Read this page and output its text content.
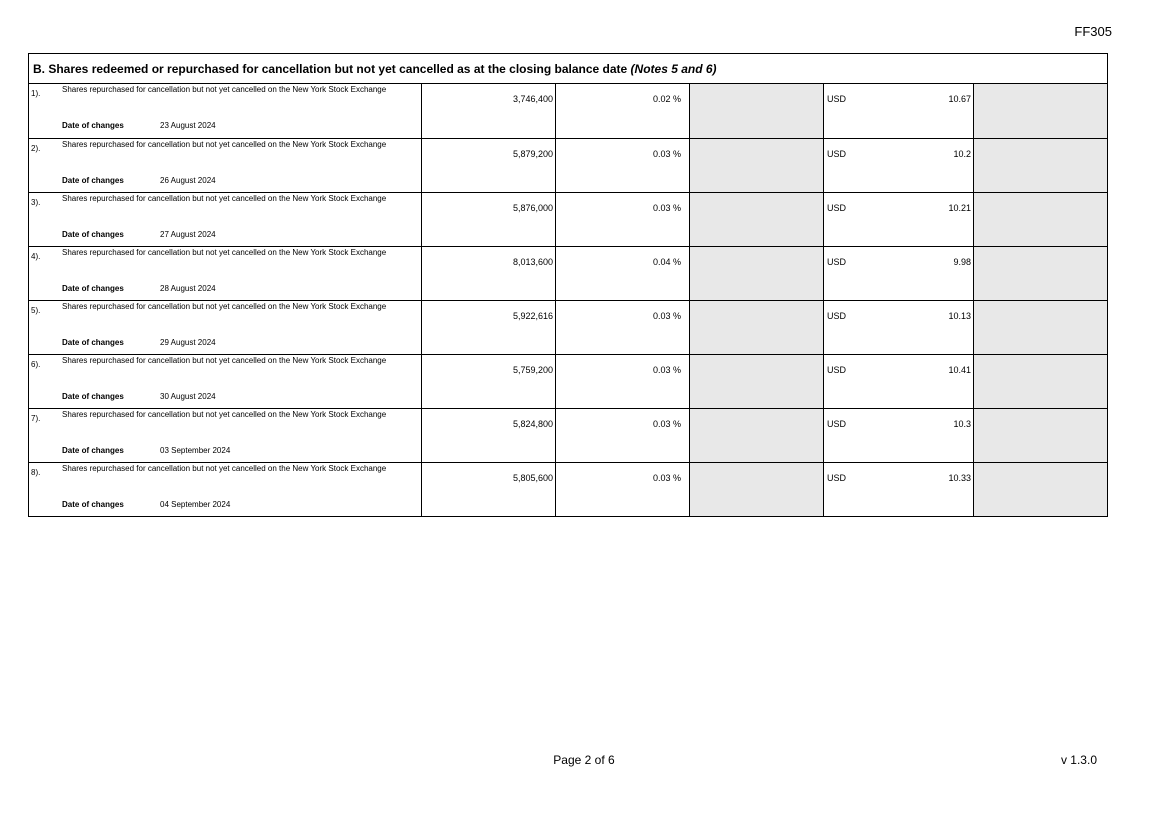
FF305
B. Shares redeemed or repurchased for cancellation but not yet cancelled as at the closing balance date (Notes 5 and 6)
1).	Shares repurchased for cancellation but not yet cancelled on the New York Stock Exchange
Date of changes	23 August 2024
3,746,400	0.02 %	USD	10.67
2).	Shares repurchased for cancellation but not yet cancelled on the New York Stock Exchange
Date of changes	26 August 2024
5,879,200	0.03 %	USD	10.2
3).	Shares repurchased for cancellation but not yet cancelled on the New York Stock Exchange
Date of changes	27 August 2024
5,876,000	0.03 %	USD	10.21
4).	Shares repurchased for cancellation but not yet cancelled on the New York Stock Exchange
Date of changes	28 August 2024
8,013,600	0.04 %	USD	9.98
5).	Shares repurchased for cancellation but not yet cancelled on the New York Stock Exchange
Date of changes	29 August 2024
5,922,616	0.03 %	USD	10.13
6).	Shares repurchased for cancellation but not yet cancelled on the New York Stock Exchange
Date of changes	30 August 2024
5,759,200	0.03 %	USD	10.41
7).	Shares repurchased for cancellation but not yet cancelled on the New York Stock Exchange
Date of changes	03 September 2024
5,824,800	0.03 %	USD	10.3
8).	Shares repurchased for cancellation but not yet cancelled on the New York Stock Exchange
Date of changes	04 September 2024
5,805,600	0.03 %	USD	10.33
Page 2 of 6	v 1.3.0
